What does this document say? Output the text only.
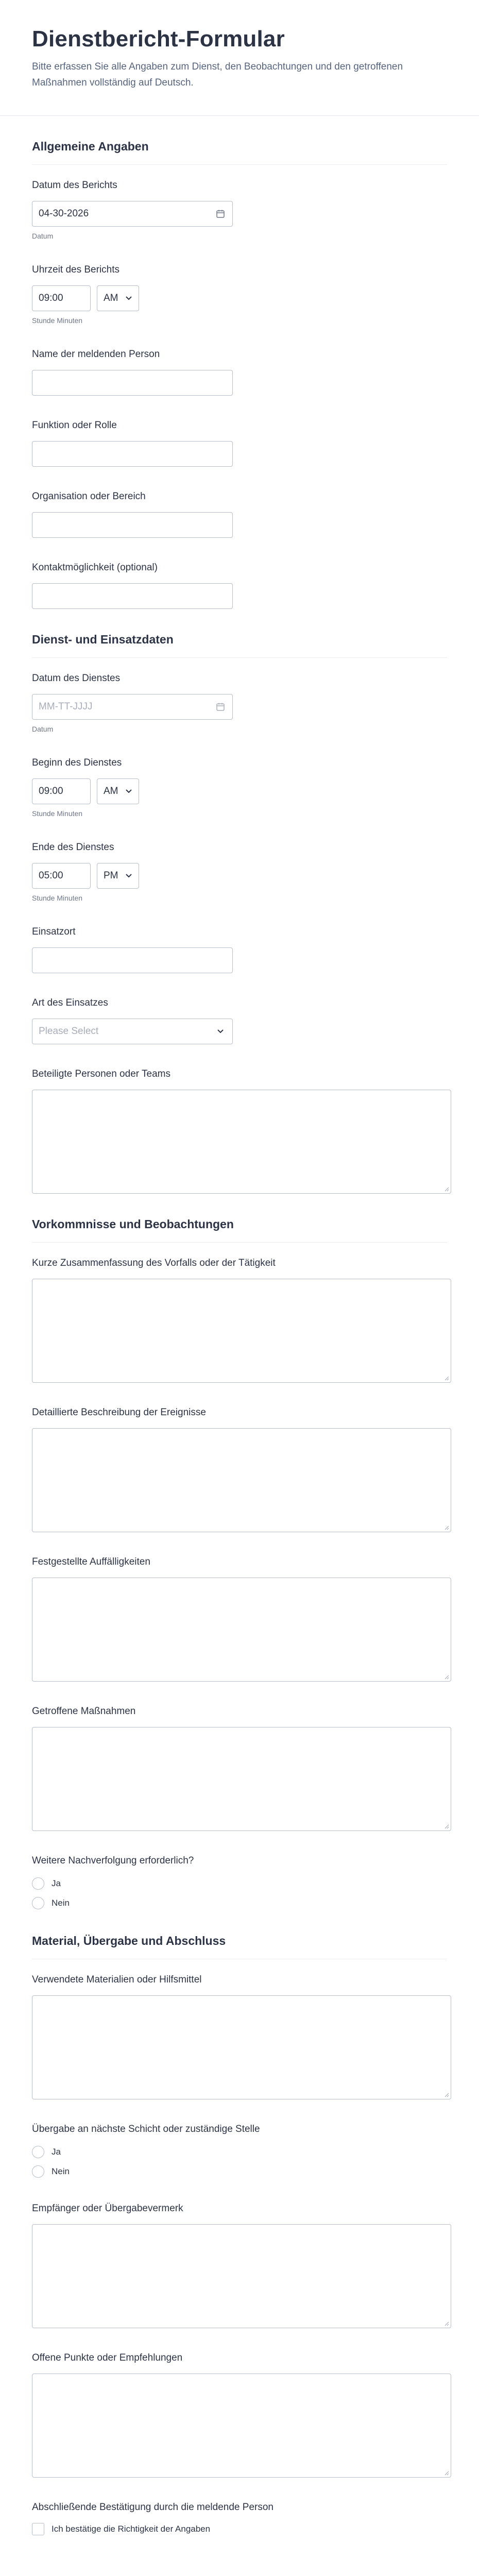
Dienstbericht-Formular

Bitte erfassen Sie alle Angaben zum Dienst, den Beobachtungen und den getroffenen Maßnahmen vollständig auf Deutsch.

Allgemeine Angaben
Datum des Berichts
04-30-2026
Datum
Uhrzeit des Berichts
09:00	AM
Stunde Minuten
Name der meldenden Person
Funktion oder Rolle
Organisation oder Bereich
Kontaktmöglichkeit (optional)
Dienst- und Einsatzdaten
Datum des Dienstes
MM-TT-JJJJ
Datum
Beginn des Dienstes
09:00	AM
Stunde Minuten
Ende des Dienstes
05:00	PM
Stunde Minuten
Einsatzort
Art des Einsatzes
Please Select
Beteiligte Personen oder Teams
Vorkommnisse und Beobachtungen
Kurze Zusammenfassung des Vorfalls oder der Tätigkeit
Detaillierte Beschreibung der Ereignisse
Festgestellte Auffälligkeiten
Getroffene Maßnahmen
Weitere Nachverfolgung erforderlich?
Ja
Nein
Material, Übergabe und Abschluss
Verwendete Materialien oder Hilfsmittel
Übergabe an nächste Schicht oder zuständige Stelle
Ja
Nein
Empfänger oder Übergabevermerk
Offene Punkte oder Empfehlungen
Abschließende Bestätigung durch die meldende Person
Ich bestätige die Richtigkeit der Angaben
